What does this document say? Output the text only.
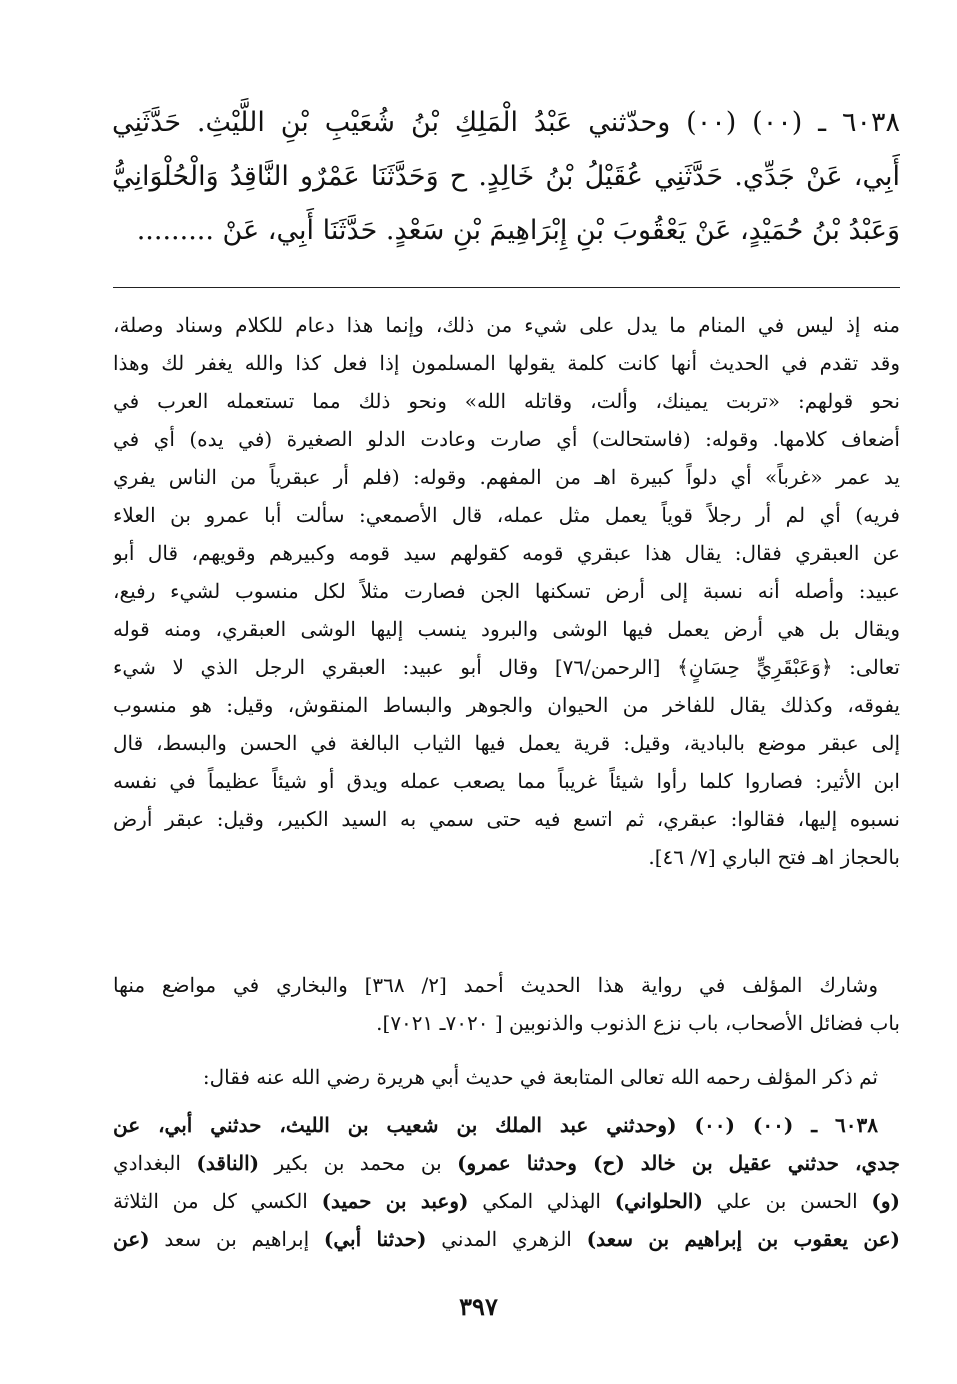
٦٠٣٨ ـ (٠٠) (٠٠) وحدّثني عَبْدُ الْمَلِكِ بْنُ شُعَيْبِ بْنِ اللَّيْثِ. حَدَّثَنِي
أَبِي، عَنْ جَدِّي. حَدَّثَنِي عُقَيْلُ بْنُ خَالِدٍ. ح وَحَدَّثَنَا عَمْرٌو النَّاقِدُ وَالْحُلْوَانِيُّ
وَعَبْدُ بْنُ حُمَيْدٍ، عَنْ يَعْقُوبَ بْنِ إِبْرَاهِيمَ بْنِ سَعْدٍ. حَدَّثَنَا أَبِي، عَنْ .........
منه إذ ليس في المنام ما يدل على شيء من ذلك، وإنما هذا دعام للكلام وسناد وصلة،
وقد تقدم في الحديث أنها كانت كلمة يقولها المسلمون إذا فعل كذا والله يغفر لك وهذا
نحو قولهم: «تربت يمينك، وألت، وقاتله الله» ونحو ذلك مما تستعمله العرب في
أضعاف كلامها. وقوله: (فاستحالت) أي صارت وعادت الدلو الصغيرة (في يده) أي في
يد عمر «غرباً» أي دلواً كبيرة اهـ من المفهم. وقوله: (فلم أر عبقرياً من الناس يفري
فريه) أي لم أر رجلاً قوياً يعمل مثل عمله، قال الأصمعي: سألت أبا عمرو بن العلاء
عن العبقري فقال: يقال هذا عبقري قومه كقولهم سيد قومه وكبيرهم وقويهم، قال أبو
عبيد: وأصله أنه نسبة إلى أرض تسكنها الجن فصارت مثلاً لكل منسوب لشيء رفيع،
ويقال بل هي أرض يعمل فيها الوشى والبرود ينسب إليها الوشى العبقري، ومنه قوله
تعالى: ﴿وَعَبْقَرِيٍّ حِسَانٍ﴾ [الرحمن/٧٦] وقال أبو عبيد: العبقري الرجل الذي لا شيء
يفوقه، وكذلك يقال للفاخر من الحيوان والجوهر والبساط المنقوش، وقيل: هو منسوب
إلى عبقر موضع بالبادية، وقيل: قرية يعمل فيها الثياب البالغة في الحسن والبسط، قال
ابن الأثير: فصاروا كلما رأوا شيئاً غريباً مما يصعب عمله ويدق أو شيئاً عظيماً في نفسه
نسبوه إليها، فقالوا: عبقري، ثم اتسع فيه حتى سمي به السيد الكبير، وقيل: عبقر أرض
بالحجاز اهـ فتح الباري [٧/ ٤٦].
وشارك المؤلف في رواية هذا الحديث أحمد [٢/ ٣٦٨] والبخاري في مواضع منها
باب فضائل الأصحاب، باب نزع الذنوب والذنوبين [ ٧٠٢٠ـ ٧٠٢١].
ثم ذكر المؤلف رحمه الله تعالى المتابعة في حديث أبي هريرة رضي الله عنه فقال:
٦٠٣٨ ـ (٠٠) (٠٠) (وحدثني عبد الملك بن شعيب بن الليث، حدثني أبي، عن
جدي، حدثني عقيل بن خالد (ح) وحدثنا عمرو) بن محمد بن بكير (الناقد) البغدادي
(و) الحسن بن علي (الحلواني) الهذلي المكي (وعبد بن حميد) الكسي كل من الثلاثة
(عن يعقوب بن إبراهيم بن سعد) الزهري المدني (حدثنا أبي) إبراهيم بن سعد (عن
٣٩٧
